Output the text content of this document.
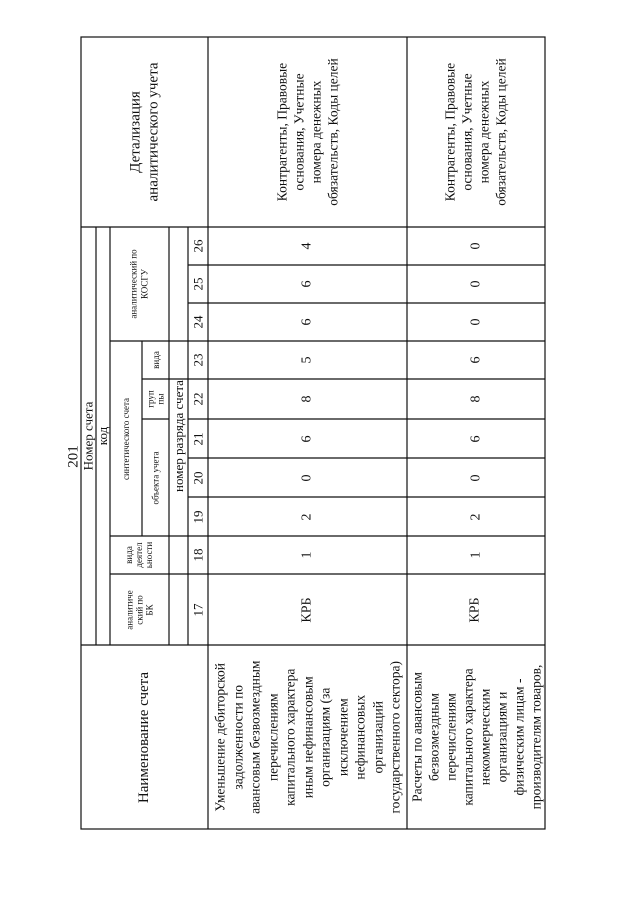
201
Наименование счета
Номер счета код
аналитиче
ский по
БК
вида
деятел
ьности
синтетического счета объекта учета
груп
пы
вида
аналитический по
КОСГУ
номер разряда счета
17
18
19
20
21
22
23
24
25
26
Детализация аналитического учета
Уменьшение дебиторской задолженности по авансовым безвозмездным перечислениям капитального характера иным нефинансовым организациям (за исключением нефинансовых организаций государственного сектора)
КРБ
1
2
0
6
8
5
6
6
4
Контрагенты, Правовые основания, Учетные номера денежных обязательств, Коды целей
Расчеты по авансовым безвозмездным перечислениям капитального характера некоммерческим организациям и физическим лицам - производителям товаров,
КРБ
1
2
0
6
8
6
0
0
0
Контрагенты, Правовые основания, Учетные номера денежных обязательств, Коды целей
